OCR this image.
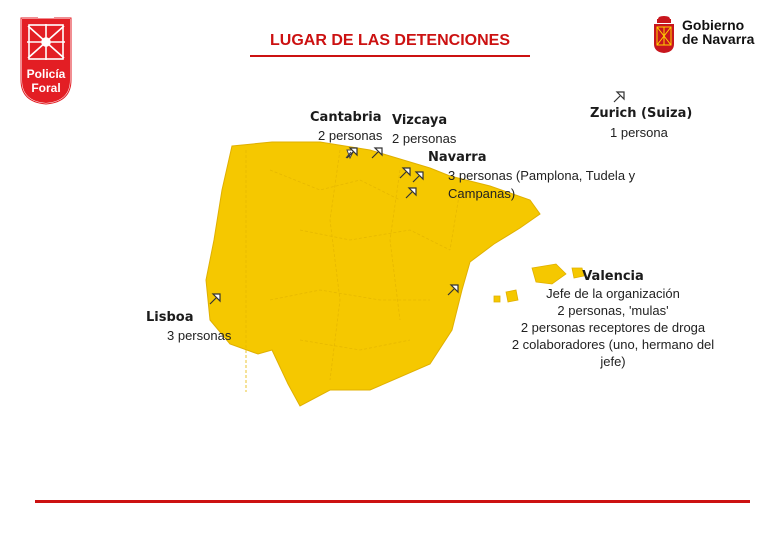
Policía
Foral
LUGAR DE LAS DETENCIONES
Gobierno
de Navarra
Cantabria
2 personas
Vizcaya
2 personas
Navarra
3 personas (Pamplona, Tudela y Campanas)
Zurich (Suiza)
1 persona
Lisboa
3 personas
Valencia
Jefe de la organización
2 personas, 'mulas'
2 personas receptores de droga
2 colaboradores (uno, hermano del jefe)
